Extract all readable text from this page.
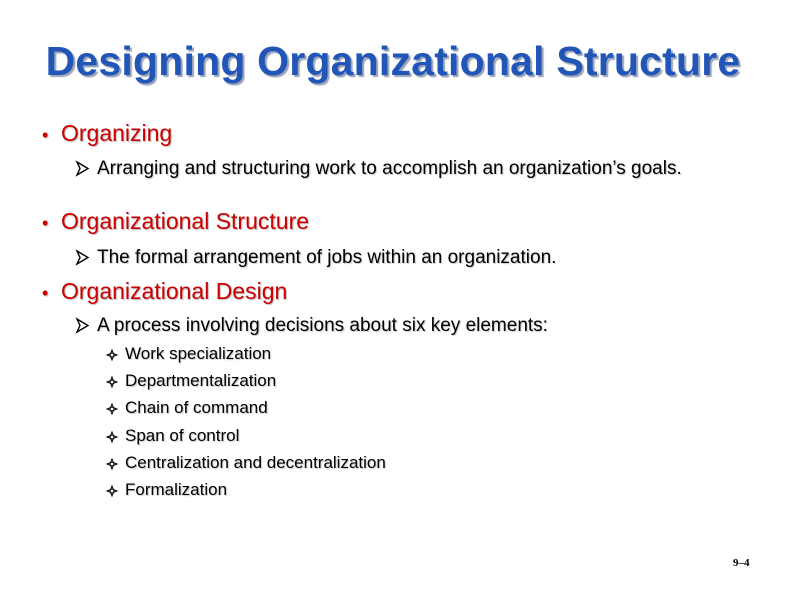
Designing Organizational Structure
• Organizing
Arranging and structuring work to accomplish an organization’s goals.
• Organizational Structure
The formal arrangement of jobs within an organization.
• Organizational Design
A process involving decisions about six key elements:
Work specialization
Departmentalization
Chain of command
Span of control
Centralization and decentralization
Formalization
9–4
